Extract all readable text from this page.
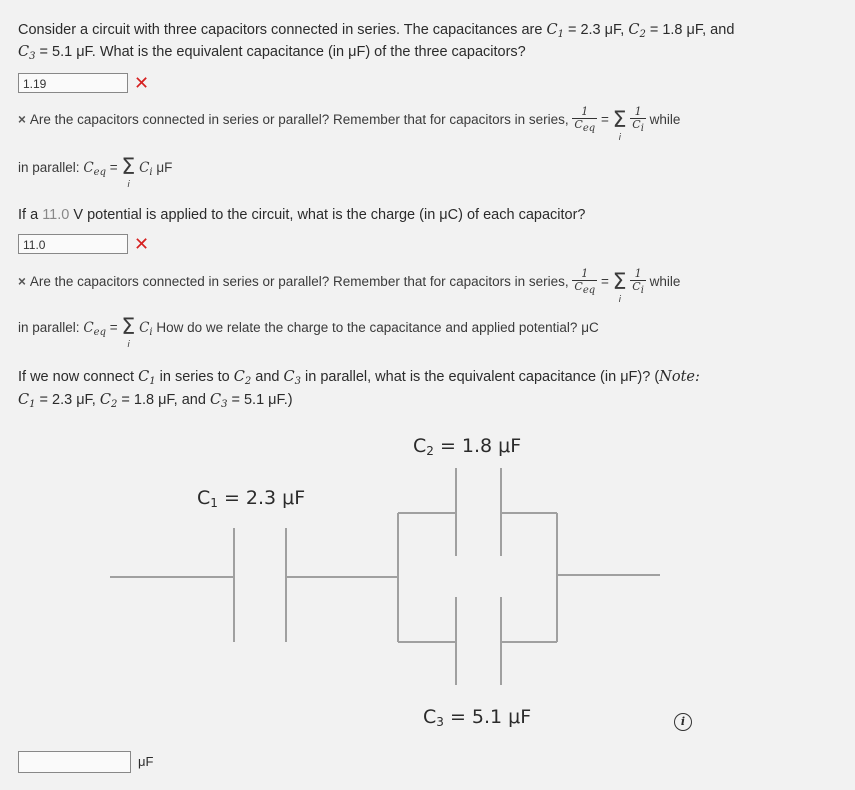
Consider a circuit with three capacitors connected in series. The capacitances are $C_1 = 2.3$ μF, $C_2 = 1.8$ μF, and
$C_3 = 5.1$ μF. What is the equivalent capacitance (in μF) of the three capacitors?
1.19	✕
× Are the capacitors connected in series or parallel? Remember that for capacitors in series, $\frac{1}{C_{eq}} = \Sigma$
i

$\frac{1}{C_i}$ while
in parallel: $C_{eq} = \Sigma$
i
$C_i$ μF
If a 11.0 V potential is applied to the circuit, what is the charge (in μC) of each capacitor?
11.0	✕
× Are the capacitors connected in series or parallel? Remember that for capacitors in series, $\frac{1}{C_{eq}} = \Sigma$
i

$\frac{1}{C_i}$ while
in parallel: $C_{eq} = \Sigma$
i
$C_i$ How do we relate the charge to the capacitance and applied potential? μC
If we now connect $C_1$ in series to $C_2$ and $C_3$ in parallel, what is the equivalent capacitance (in μF)? (Note:
$C_1 = 2.3$ μF, $C_2 = 1.8$ μF, and $C_3 = 5.1$ μF.)
$C_1 = 2.3$ μF
$C_2 = 1.8$ μF
$C_3 = 5.1$ μF	i
μF
